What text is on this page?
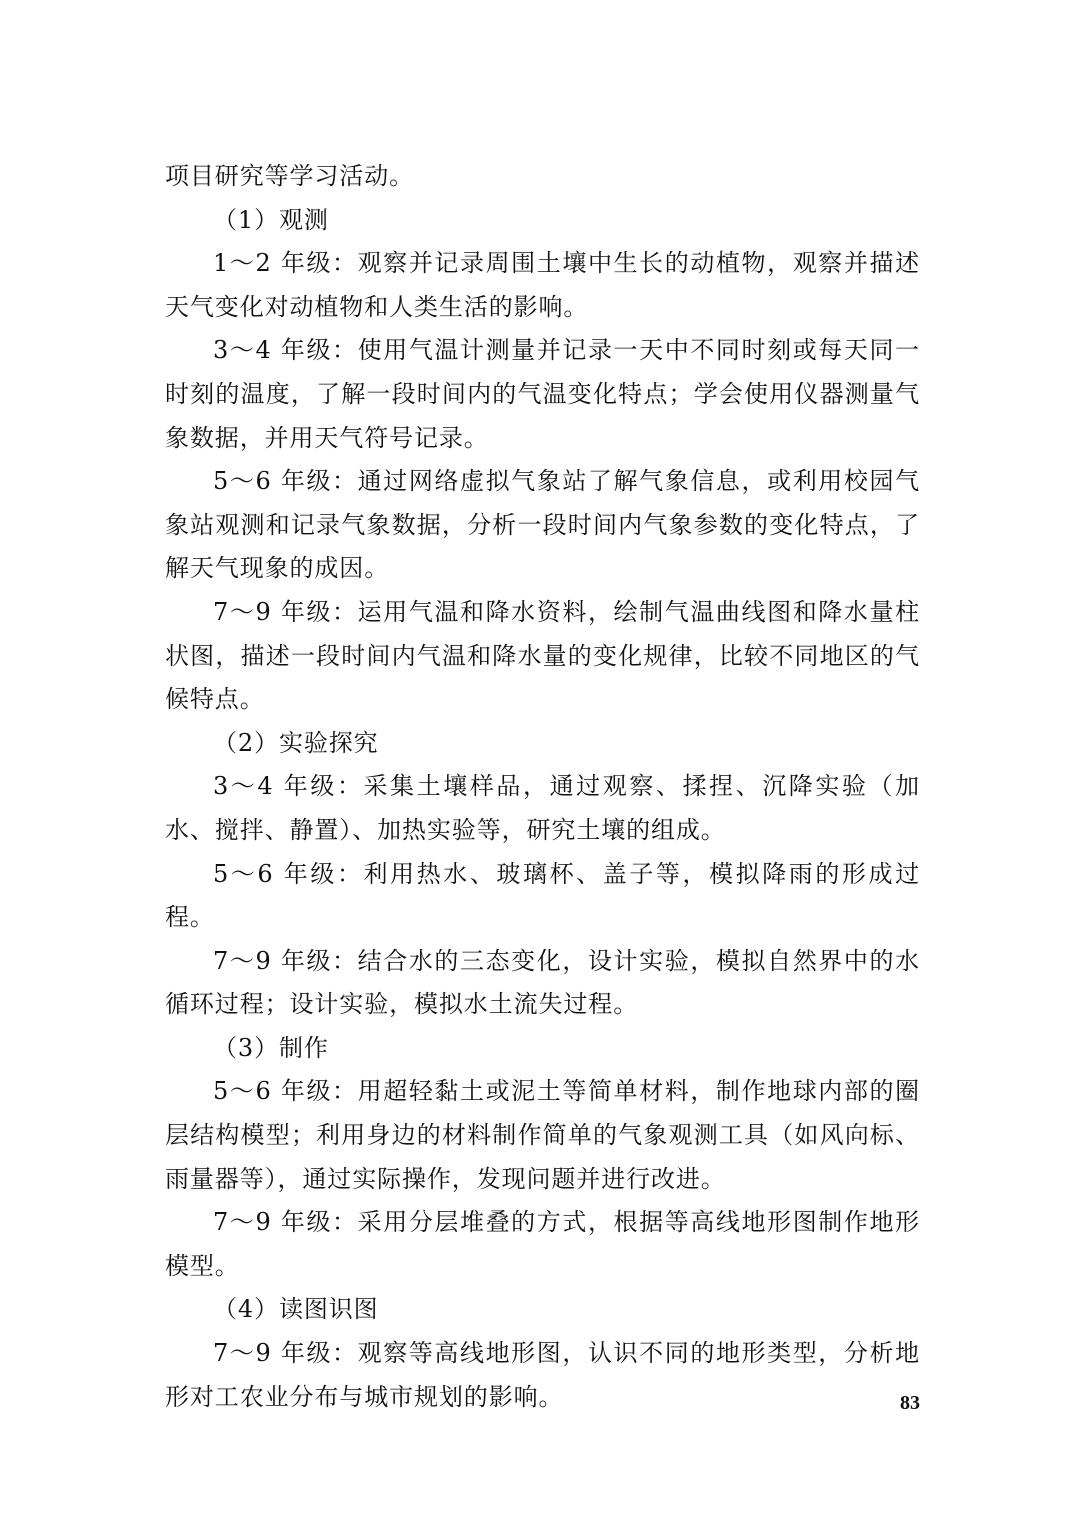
项目研究等学习活动。

（1）观测

1～2 年级：观察并记录周围土壤中生长的动植物，观察并描述天气变化对动植物和人类生活的影响。

3～4 年级：使用气温计测量并记录一天中不同时刻或每天同一时刻的温度，了解一段时间内的气温变化特点；学会使用仪器测量气象数据，并用天气符号记录。

5～6 年级：通过网络虚拟气象站了解气象信息，或利用校园气象站观测和记录气象数据，分析一段时间内气象参数的变化特点，了解天气现象的成因。

7～9 年级：运用气温和降水资料，绘制气温曲线图和降水量柱状图，描述一段时间内气温和降水量的变化规律，比较不同地区的气候特点。

（2）实验探究

3～4 年级：采集土壤样品，通过观察、揉捏、沉降实验（加水、搅拌、静置）、加热实验等，研究土壤的组成。

5～6 年级：利用热水、玻璃杯、盖子等，模拟降雨的形成过程。

7～9 年级：结合水的三态变化，设计实验，模拟自然界中的水循环过程；设计实验，模拟水土流失过程。

（3）制作

5～6 年级：用超轻黏土或泥土等简单材料，制作地球内部的圈层结构模型；利用身边的材料制作简单的气象观测工具（如风向标、雨量器等），通过实际操作，发现问题并进行改进。

7～9 年级：采用分层堆叠的方式，根据等高线地形图制作地形模型。

（4）读图识图

7～9 年级：观察等高线地形图，认识不同的地形类型，分析地形对工农业分布与城市规划的影响。	83
